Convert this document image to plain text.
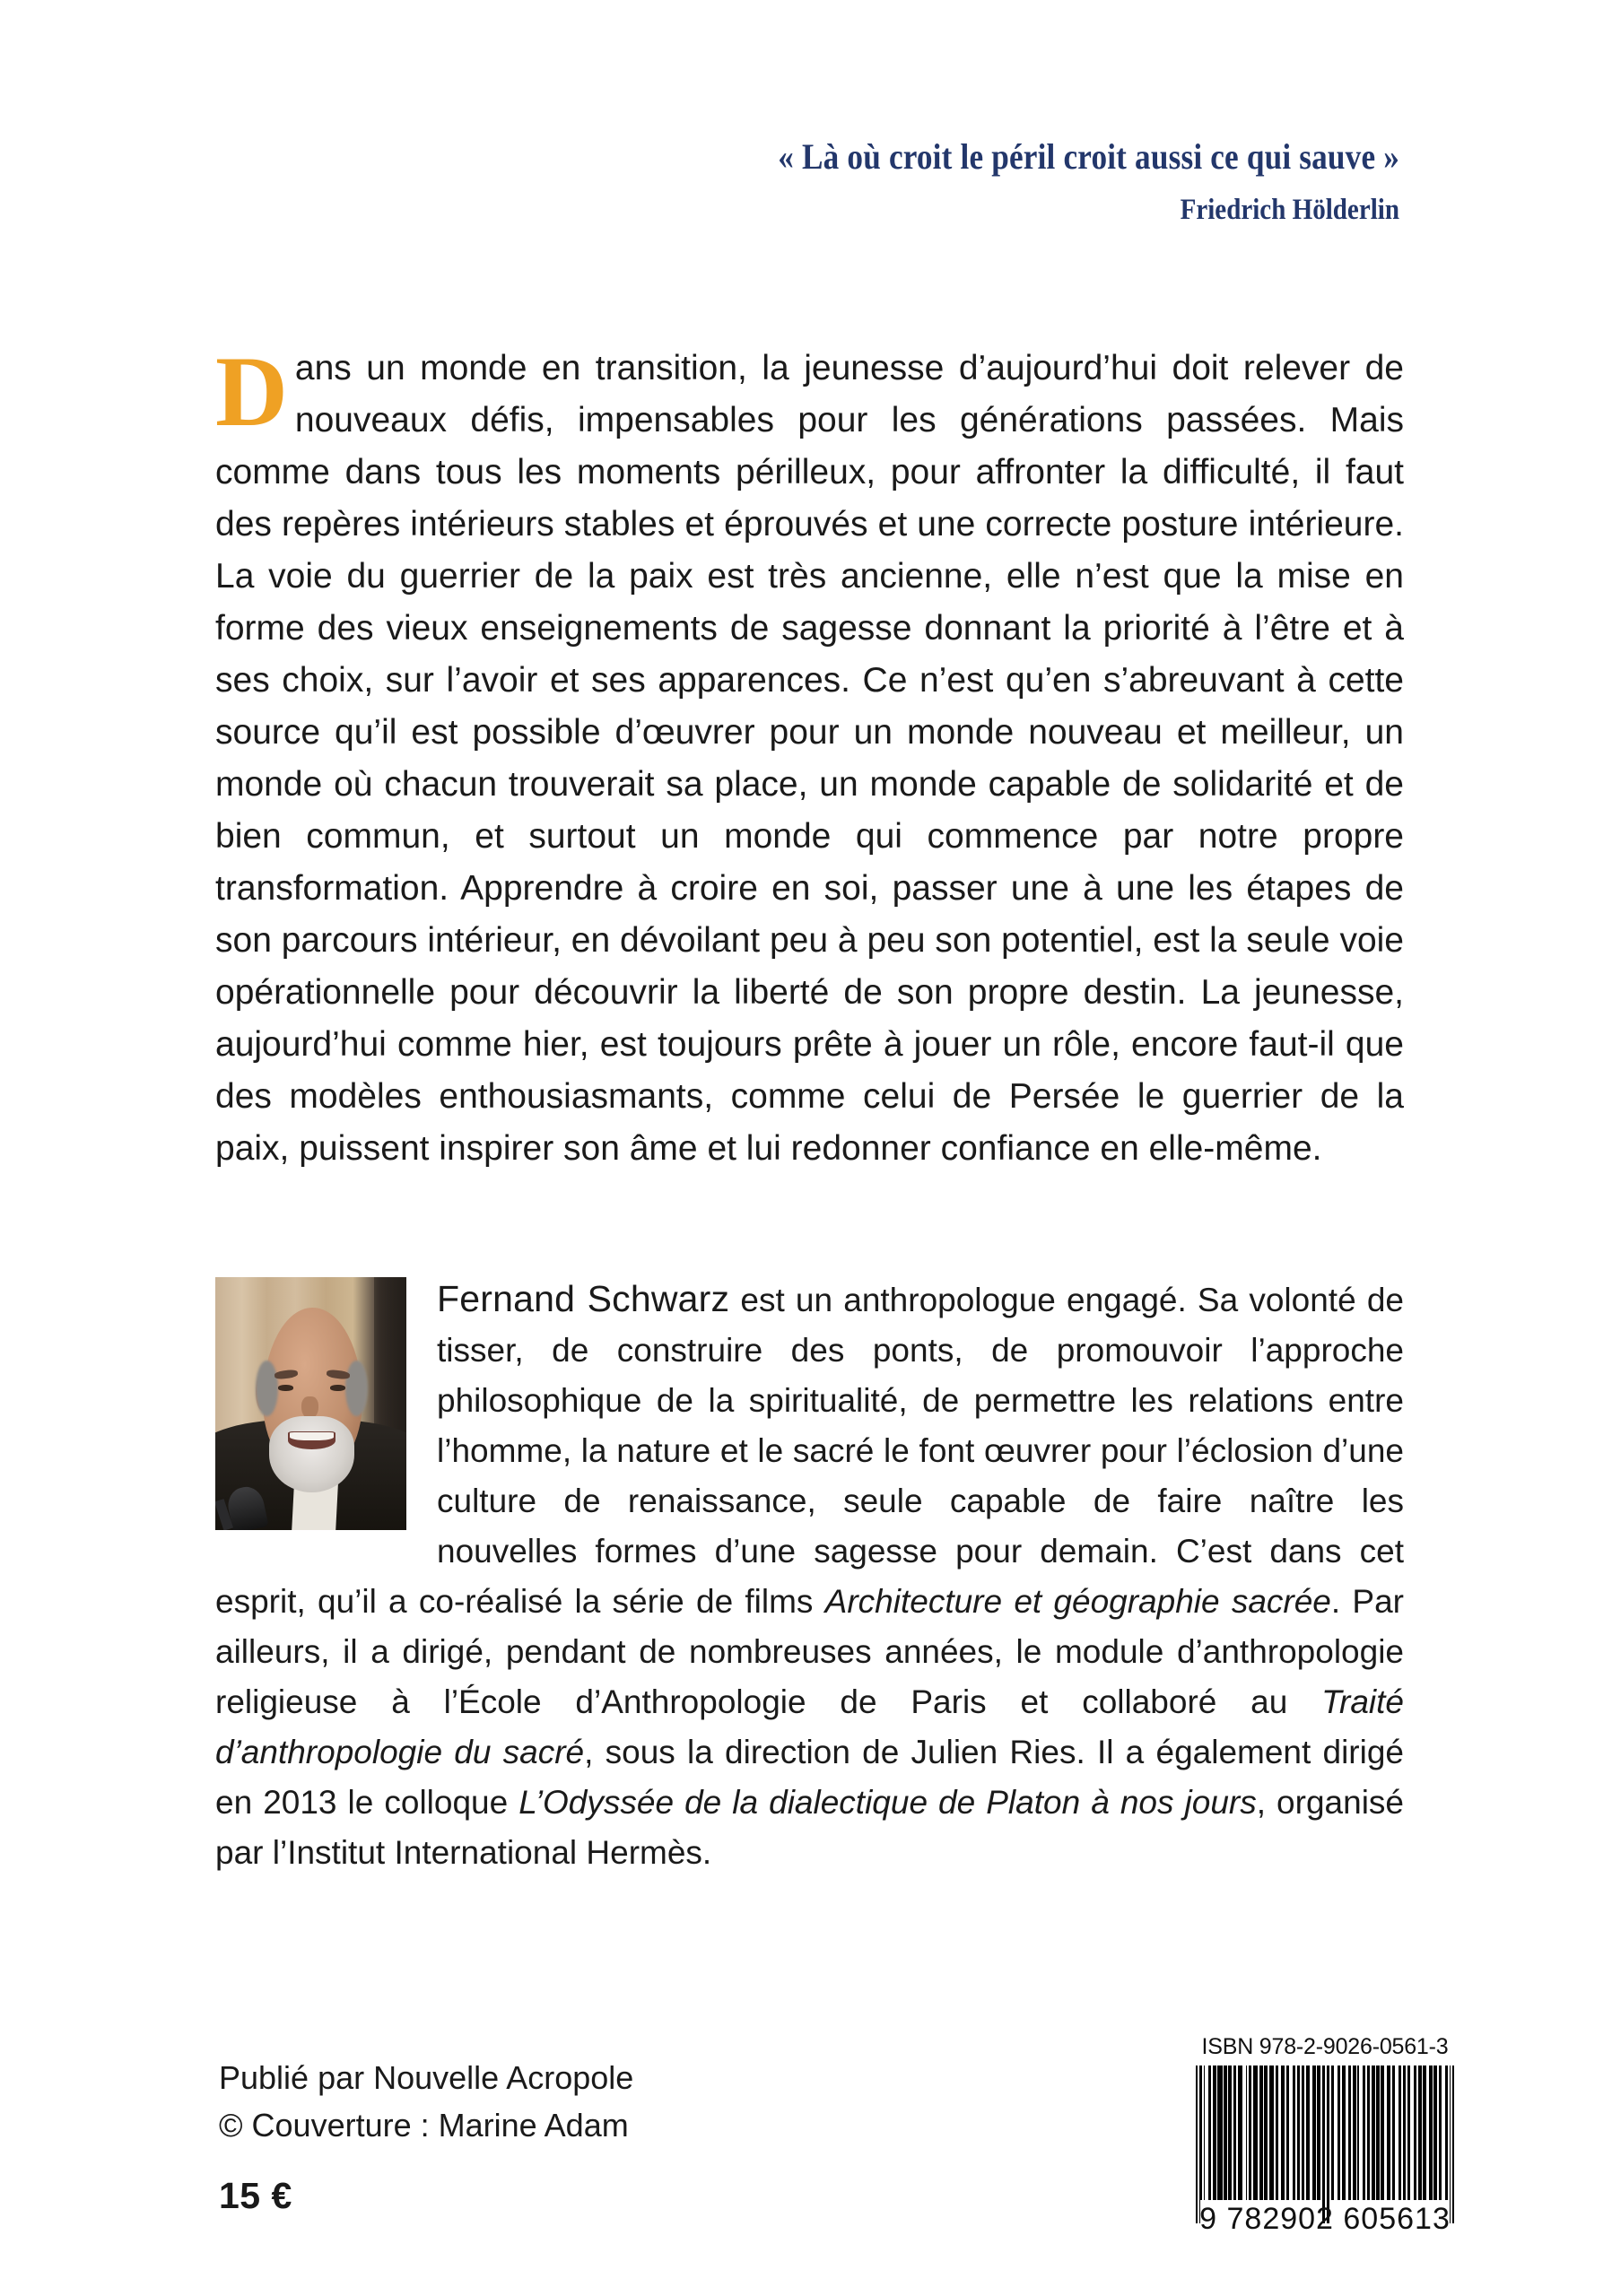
« Là où croit le péril croit aussi ce qui sauve »
Friedrich Hölderlin
Dans un monde en transition, la jeunesse d’aujourd’hui doit relever de nouveaux défis, impensables pour les générations passées. Mais comme dans tous les moments périlleux, pour affronter la difficulté, il faut des repères intérieurs stables et éprouvés et une correcte posture intérieure. La voie du guerrier de la paix est très ancienne, elle n’est que la mise en forme des vieux enseignements de sagesse donnant la priorité à l’être et à ses choix, sur l’avoir et ses apparences. Ce n’est qu’en s’abreuvant à cette source qu’il est possible d’œuvrer pour un monde nouveau et meilleur, un monde où chacun trouverait sa place, un monde capable de solidarité et de bien commun, et surtout un monde qui commence par notre propre transformation. Apprendre à croire en soi, passer une à une les étapes de son parcours intérieur, en dévoilant peu à peu son potentiel, est la seule voie opérationnelle pour découvrir la liberté de son propre destin. La jeunesse, aujourd’hui comme hier, est toujours prête à jouer un rôle, encore faut-il que des modèles enthousiasmants, comme celui de Persée le guerrier de la paix, puissent inspirer son âme et lui redonner confiance en elle-même.
Fernand Schwarz est un anthropologue engagé. Sa volonté de tisser, de construire des ponts, de promouvoir l’approche philosophique de la spiritualité, de permettre les relations entre l’homme, la nature et le sacré le font œuvrer pour l’éclosion d’une culture de renaissance, seule capable de faire naître les nouvelles formes d’une sagesse pour demain. C’est dans cet esprit, qu’il a co-réalisé la série de films Architecture et géographie sacrée. Par ailleurs, il a dirigé, pendant de nombreuses années, le module d’anthropologie religieuse à l’École d’Anthropologie de Paris et collaboré au Traité d’anthropologie du sacré, sous la direction de Julien Ries. Il a également dirigé en 2013 le colloque L’Odyssée de la dialectique de Platon à nos jours, organisé par l’Institut International Hermès.
Publié par Nouvelle Acropole
© Couverture : Marine Adam
15 €
ISBN 978-2-9026-0561-3
9 782902 605613
